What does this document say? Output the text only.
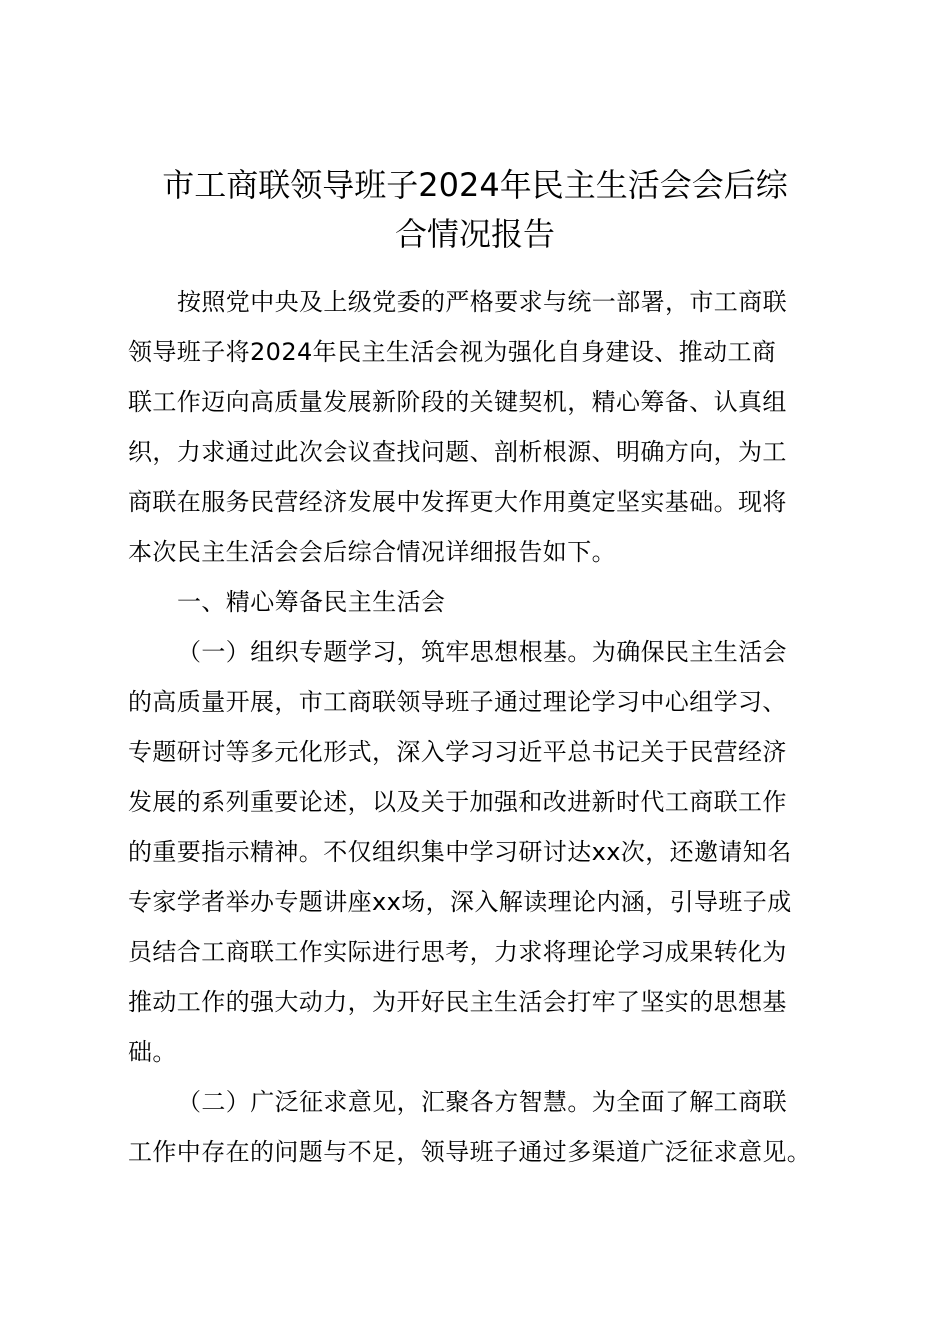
市工商联领导班子2024年民主生活会会后综
合情况报告
按照党中央及上级党委的严格要求与统一部署，市工商联
领导班子将2024年民主生活会视为强化自身建设、推动工商
联工作迈向高质量发展新阶段的关键契机，精心筹备、认真组
织，力求通过此次会议查找问题、剖析根源、明确方向，为工
商联在服务民营经济发展中发挥更大作用奠定坚实基础。现将
本次民主生活会会后综合情况详细报告如下。
一、精心筹备民主生活会
（一）组织专题学习，筑牢思想根基。为确保民主生活会
的高质量开展，市工商联领导班子通过理论学习中心组学习、
专题研讨等多元化形式，深入学习习近平总书记关于民营经济
发展的系列重要论述，以及关于加强和改进新时代工商联工作
的重要指示精神。不仅组织集中学习研讨达xx次，还邀请知名
专家学者举办专题讲座xx场，深入解读理论内涵，引导班子成
员结合工商联工作实际进行思考，力求将理论学习成果转化为
推动工作的强大动力，为开好民主生活会打牢了坚实的思想基
础。
（二）广泛征求意见，汇聚各方智慧。为全面了解工商联
工作中存在的问题与不足，领导班子通过多渠道广泛征求意见。
